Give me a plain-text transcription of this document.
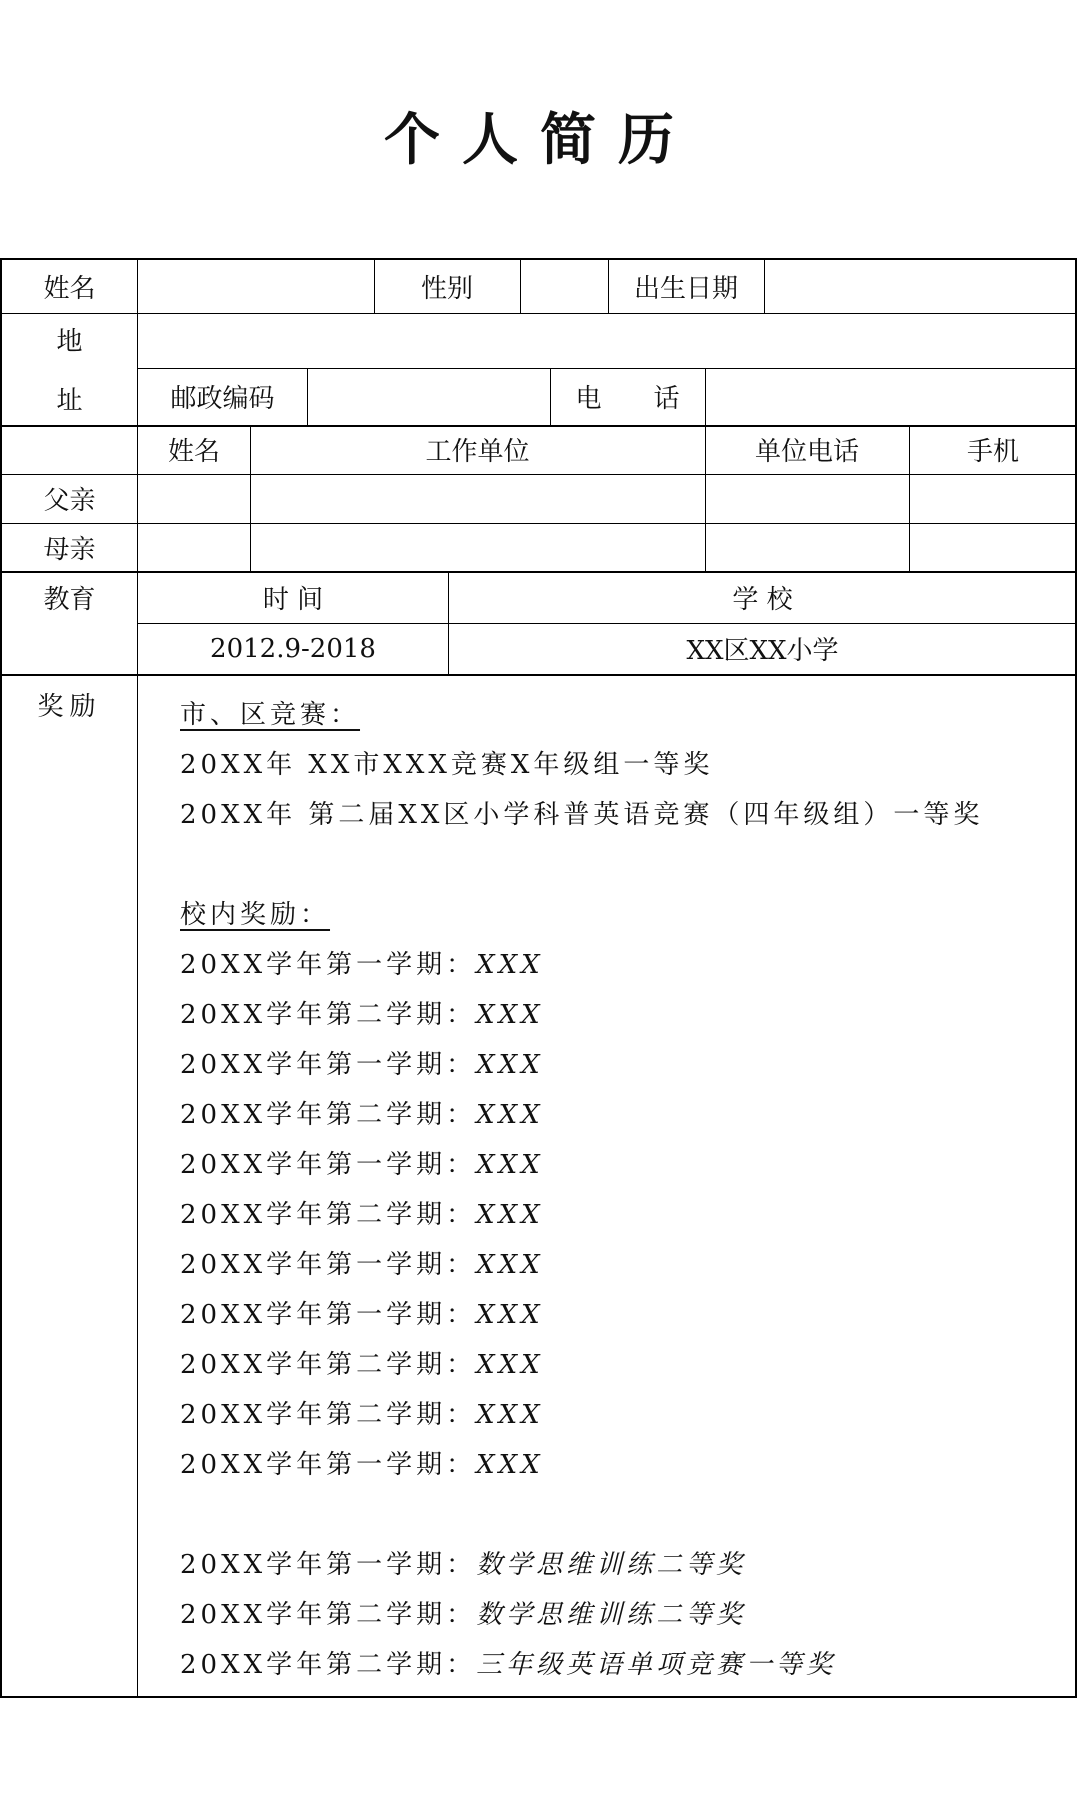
个人简历
姓名	性别	出生日期
地
址	邮政编码	电　　话
姓名	工作单位	单位电话	手机
父亲
母亲
教育	时 间	学 校
2012.9-2018	XX区XX小学
奖励	市、区竞赛：
20XX年 XX市XXX竞赛X年级组一等奖
20XX年 第二届XX区小学科普英语竞赛（四年级组）一等奖
校内奖励：
20XX学年第一学期：XXX
20XX学年第二学期：XXX
20XX学年第一学期：XXX
20XX学年第二学期：XXX
20XX学年第一学期：XXX
20XX学年第二学期：XXX
20XX学年第一学期：XXX
20XX学年第一学期：XXX
20XX学年第二学期：XXX
20XX学年第二学期：XXX
20XX学年第一学期：XXX
20XX学年第一学期：数学思维训练二等奖
20XX学年第二学期：数学思维训练二等奖
20XX学年第二学期：三年级英语单项竞赛一等奖
